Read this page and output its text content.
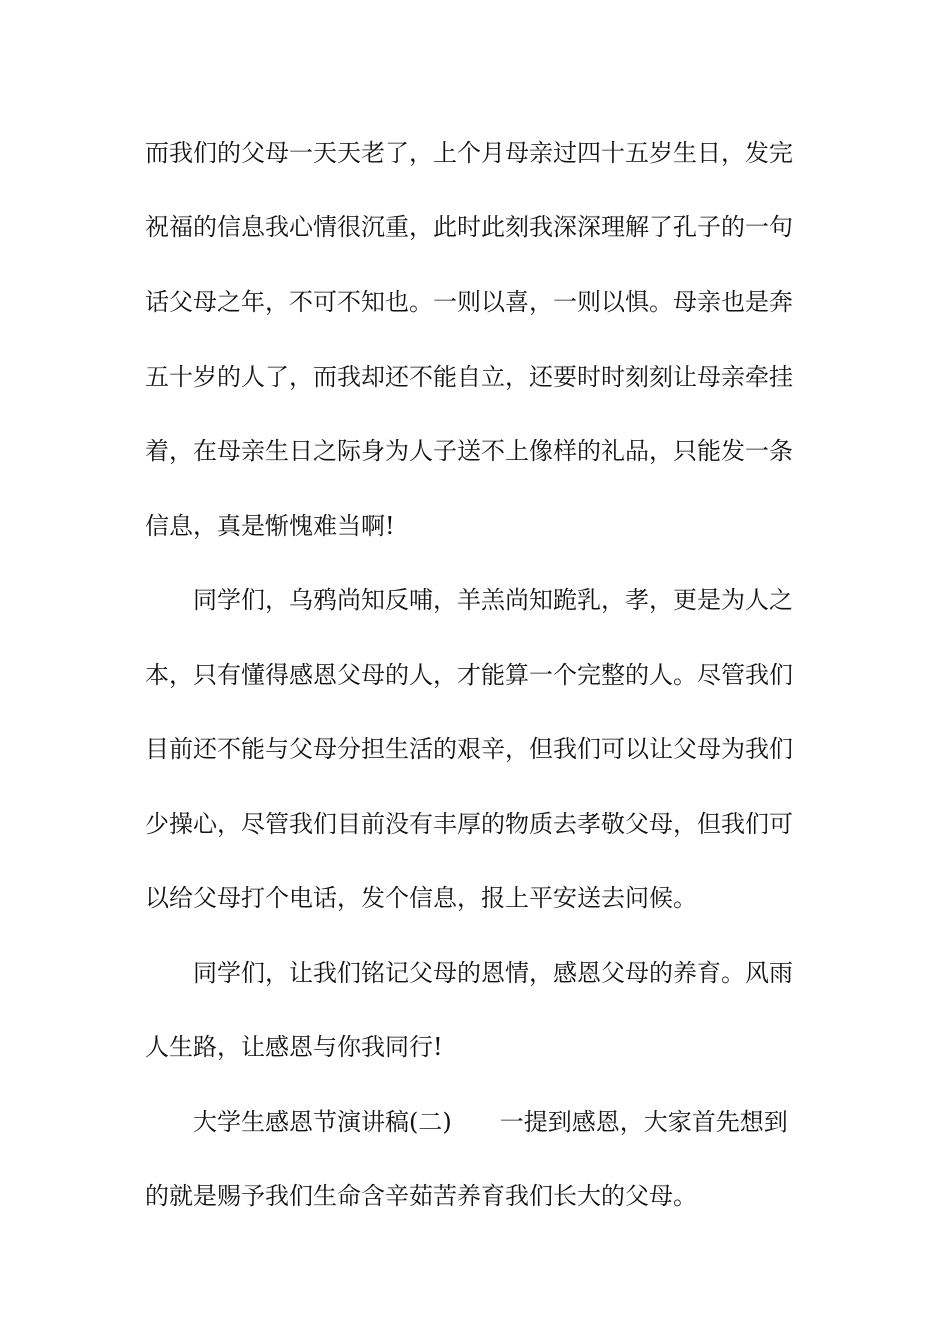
而我们的父母一天天老了，上个月母亲过四十五岁生日，发完
祝福的信息我心情很沉重，此时此刻我深深理解了孔子的一句
话父母之年，不可不知也。一则以喜，一则以惧。母亲也是奔
五十岁的人了，而我却还不能自立，还要时时刻刻让母亲牵挂
着，在母亲生日之际身为人子送不上像样的礼品，只能发一条
信息，真是惭愧难当啊!
同学们，乌鸦尚知反哺，羊羔尚知跪乳，孝，更是为人之
本，只有懂得感恩父母的人，才能算一个完整的人。尽管我们
目前还不能与父母分担生活的艰辛，但我们可以让父母为我们
少操心，尽管我们目前没有丰厚的物质去孝敬父母，但我们可
以给父母打个电话，发个信息，报上平安送去问候。
同学们，让我们铭记父母的恩情，感恩父母的养育。风雨
人生路，让感恩与你我同行!
大学生感恩节演讲稿(二)　　一提到感恩，大家首先想到
的就是赐予我们生命含辛茹苦养育我们长大的父母。
